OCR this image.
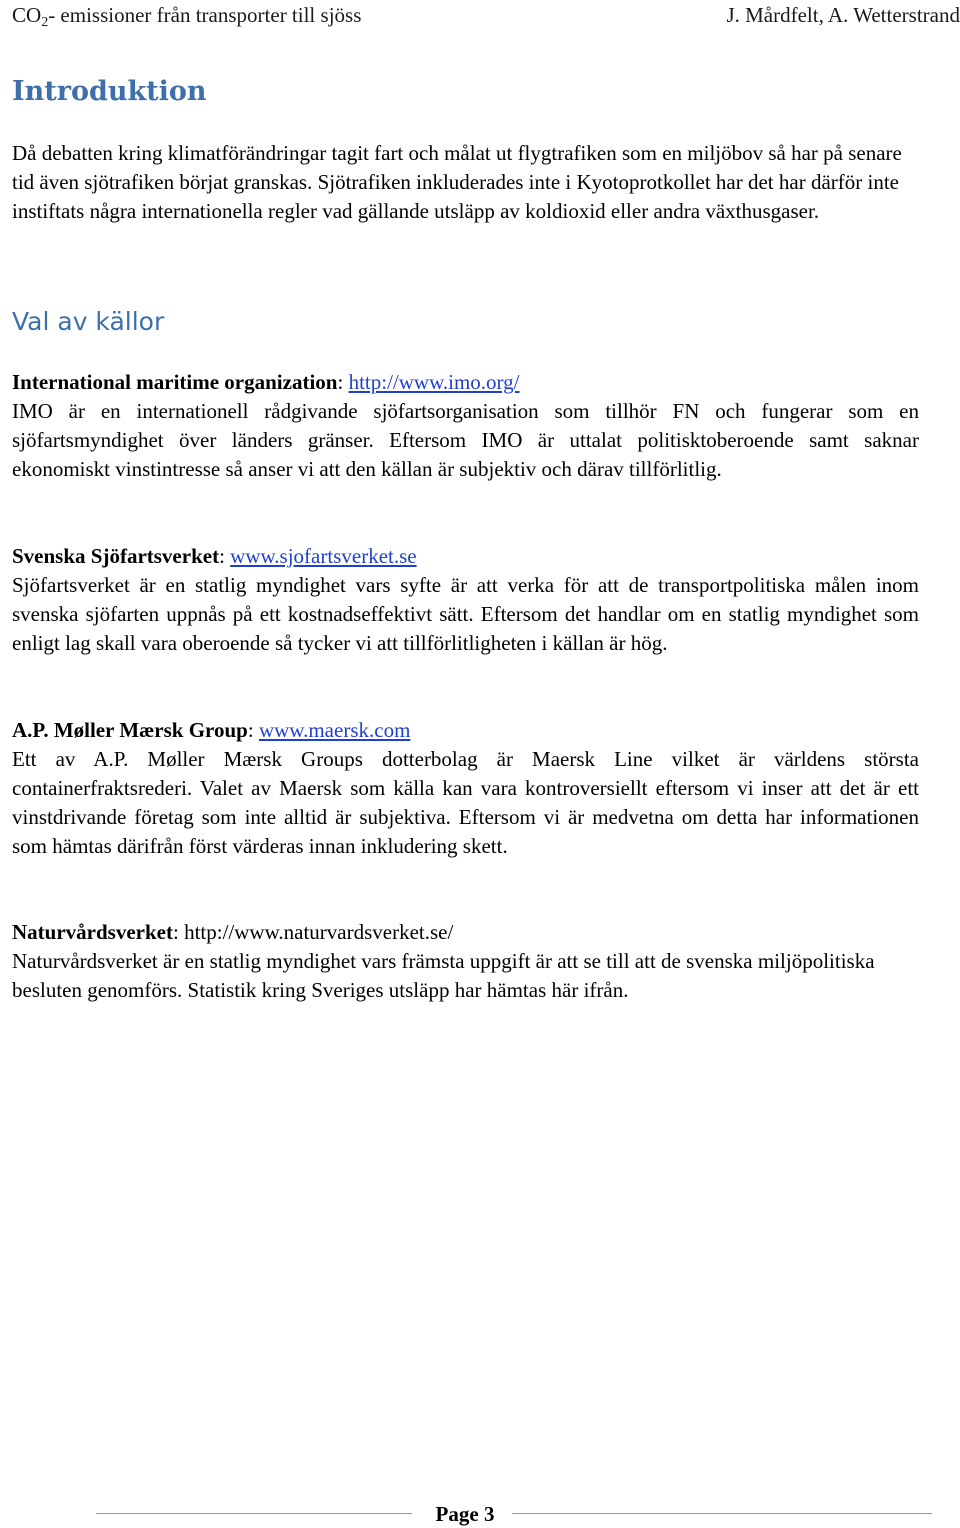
$CO_2-$ emissioner från transporter till sjöss	J. Mårdfelt, A. Wetterstrand
Introduktion

Då debatten kring klimatförändringar tagit fart och målat ut flygtrafiken som en miljöbov så har på senare tid även sjötrafiken börjat granskas. Sjötrafiken inkluderades inte i Kyotoprotkollet har det har därför inte instiftats några internationella regler vad gällande utsläpp av koldioxid eller andra växthusgaser.

Val av källor

International maritime organization: http://www.imo.org/

IMO är en internationell rådgivande sjöfartsorganisation som tillhör FN och fungerar som en sjöfartsmyndighet över länders gränser. Eftersom IMO är uttalat politisktoberoende samt saknar ekonomiskt vinstintresse så anser vi att den källan är subjektiv och därav tillförlitlig.

Svenska Sjöfartsverket: www.sjofartsverket.se

Sjöfartsverket är en statlig myndighet vars syfte är att verka för att de transportpolitiska målen inom svenska sjöfarten uppnås på ett kostnadseffektivt sätt. Eftersom det handlar om en statlig myndighet som enligt lag skall vara oberoende så tycker vi att tillförlitligheten i källan är hög.

A.P. Møller Mærsk Group: www.maersk.com

Ett av A.P. Møller Mærsk Groups dotterbolag är Maersk Line vilket är världens största containerfraktsrederi. Valet av Maersk som källa kan vara kontroversiellt eftersom vi inser att det är ett vinstdrivande företag som inte alltid är subjektiva. Eftersom vi är medvetna om detta har informationen som hämtas därifrån först värderas innan inkludering skett.

Naturvårdsverket: http://www.naturvardsverket.se/

Naturvårdsverket är en statlig myndighet vars främsta uppgift är att se till att de svenska miljöpolitiska besluten genomförs. Statistik kring Sveriges utsläpp har hämtas här ifrån.

Page 3
